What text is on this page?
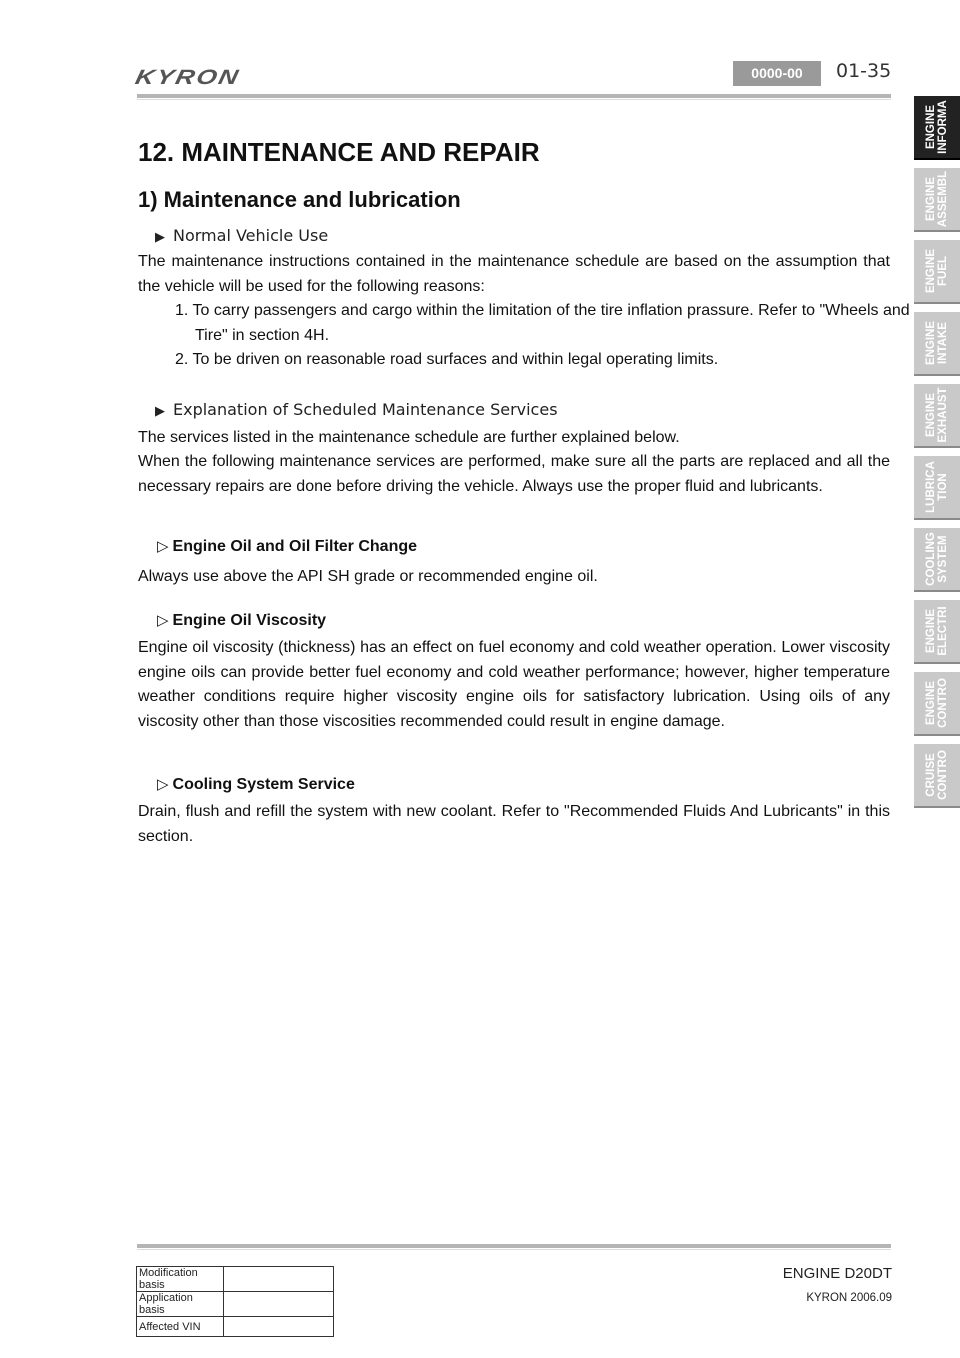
KYRON	0000-00	01-35
12. MAINTENANCE AND REPAIR
1) Maintenance and lubrication
▶ Normal Vehicle Use
The maintenance instructions contained in the maintenance schedule are based on the assumption that the vehicle will be used for the following reasons:
1. To carry passengers and cargo within the limitation of the tire inflation prassure. Refer to "Wheels and Tire" in section 4H.
2. To be driven on reasonable road surfaces and within legal operating limits.
▶ Explanation of Scheduled Maintenance Services
The services listed in the maintenance schedule are further explained below.
When the following maintenance services are performed, make sure all the parts are replaced and all the necessary repairs are done before driving the vehicle. Always use the proper fluid and lubricants.
▷ Engine Oil and Oil Filter Change
Always use above the API SH grade or recommended engine oil.
▷ Engine Oil Viscosity
Engine oil viscosity (thickness) has an effect on fuel economy and cold weather operation. Lower viscosity engine oils can provide better fuel economy and cold weather performance; however, higher temperature weather conditions require higher viscosity engine oils for satisfactory lubrication. Using oils of any viscosity other than those viscosities recommended could result in engine damage.
▷ Cooling System Service
Drain, flush and refill the system with new coolant. Refer to "Recommended Fluids And Lubricants" in this section.
ENGINE
INFORMA
ENGINE
ASSEMBL
ENGINE
FUEL
ENGINE
INTAKE
ENGINE
EXHAUST
LUBRICA
TION
COOLING
SYSTEM
ENGINE
ELECTRI
ENGINE
CONTRO
CRUISE
CONTRO
Modification basis	
Application basis	
Affected VIN	
ENGINE D20DT
KYRON 2006.09
